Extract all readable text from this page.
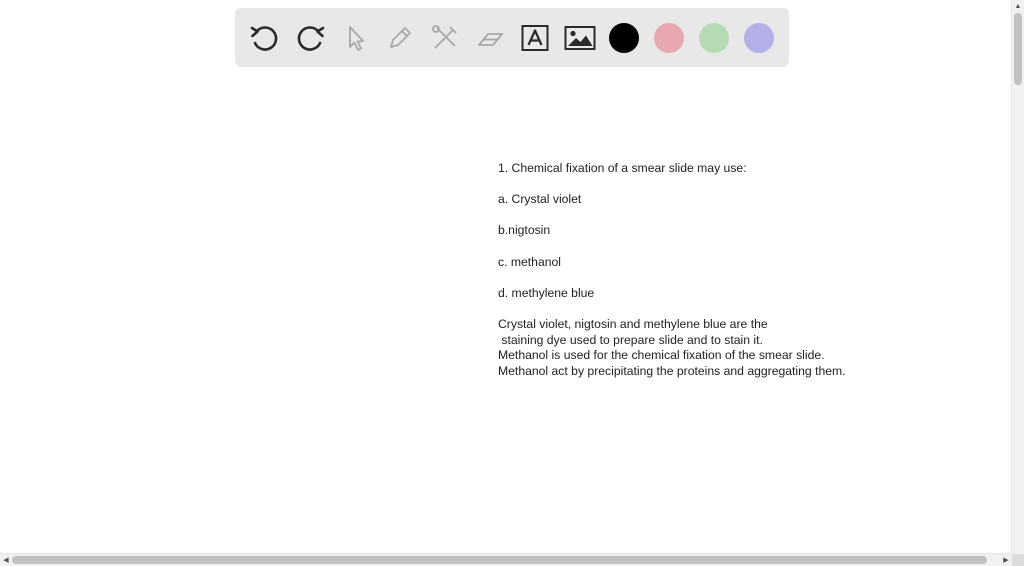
1. Chemical fixation of a smear slide may use:

a. Crystal violet

b.nigtosin

c. methanol

d. methylene blue

Crystal violet, nigtosin and methylene blue are the

staining dye used to prepare slide and to stain it.

Methanol is used for the chemical fixation of the smear slide.

Methanol act by precipitating the proteins and aggregating them.

▲
◀	▶
